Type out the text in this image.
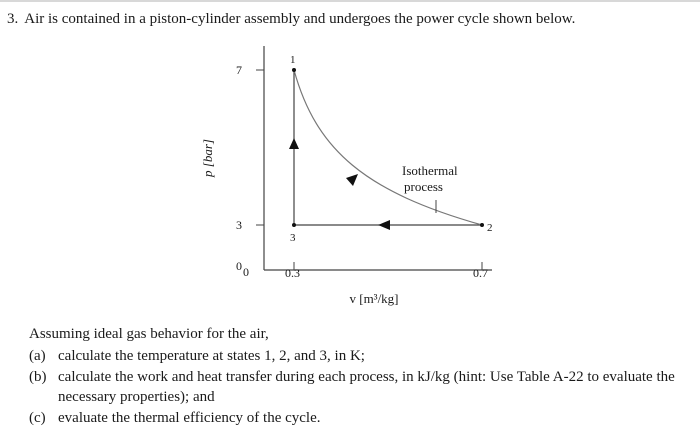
3. Air is contained in a piston-cylinder assembly and undergoes the power cycle shown below.
7
3
0 0	0.3	0.7
p [bar]
v [m³/kg]
1
2
3
Isothermal
process

Assuming ideal gas behavior for the air,

(a) calculate the temperature at states 1, 2, and 3, in K;
(b) calculate the work and heat transfer during each process, in kJ/kg (hint: Use Table A-22 to evaluate the necessary properties); and
(c) evaluate the thermal efficiency of the cycle.
